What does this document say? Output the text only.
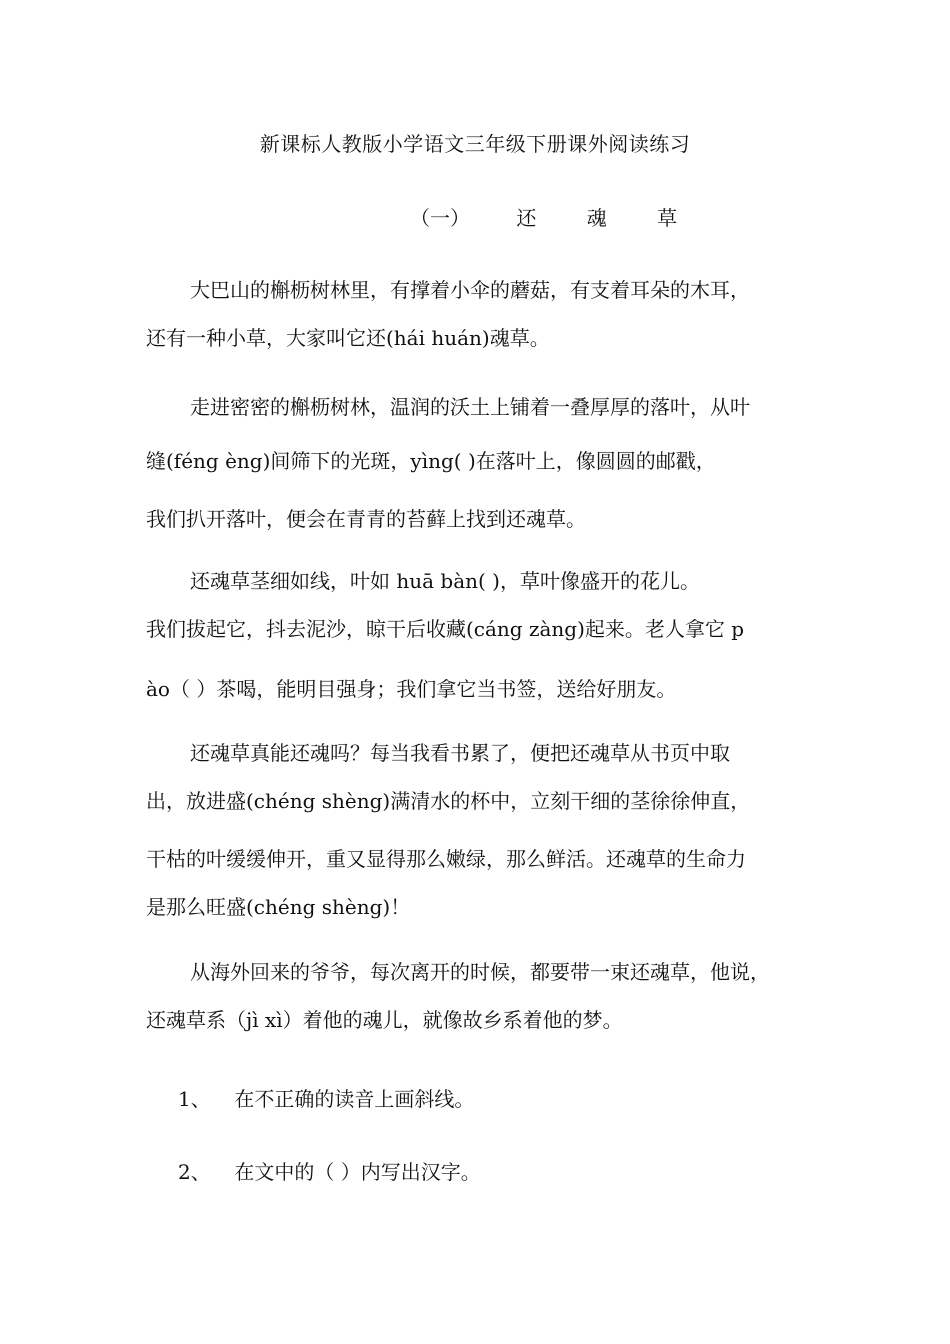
新课标人教版小学语文三年级下册课外阅读练习
（一） 还 魂 草
大巴山的槲枥树林里，有撑着小伞的蘑菇，有支着耳朵的木耳，
还有一种小草，大家叫它还(hái huán)魂草。
走进密密的槲枥树林，温润的沃土上铺着一叠厚厚的落叶，从叶
缝(féng èng)间筛下的光斑，yìng( )在落叶上，像圆圆的邮戳，
我们扒开落叶，便会在青青的苔藓上找到还魂草。
还魂草茎细如线，叶如 huā bàn( )，草叶像盛开的花儿。
我们拔起它，抖去泥沙，晾干后收藏(cáng zàng)起来。老人拿它 p
ào（ ）茶喝，能明目强身；我们拿它当书签，送给好朋友。
还魂草真能还魂吗？每当我看书累了，便把还魂草从书页中取
出，放进盛(chéng shèng)满清水的杯中，立刻干细的茎徐徐伸直，
干枯的叶缓缓伸开，重又显得那么嫩绿，那么鲜活。还魂草的生命力
是那么旺盛(chéng shèng)！
从海外回来的爷爷，每次离开的时候，都要带一束还魂草，他说，
还魂草系（jì xì）着他的魂儿，就像故乡系着他的梦。
1、 在不正确的读音上画斜线。
2、 在文中的（ ）内写出汉字。
